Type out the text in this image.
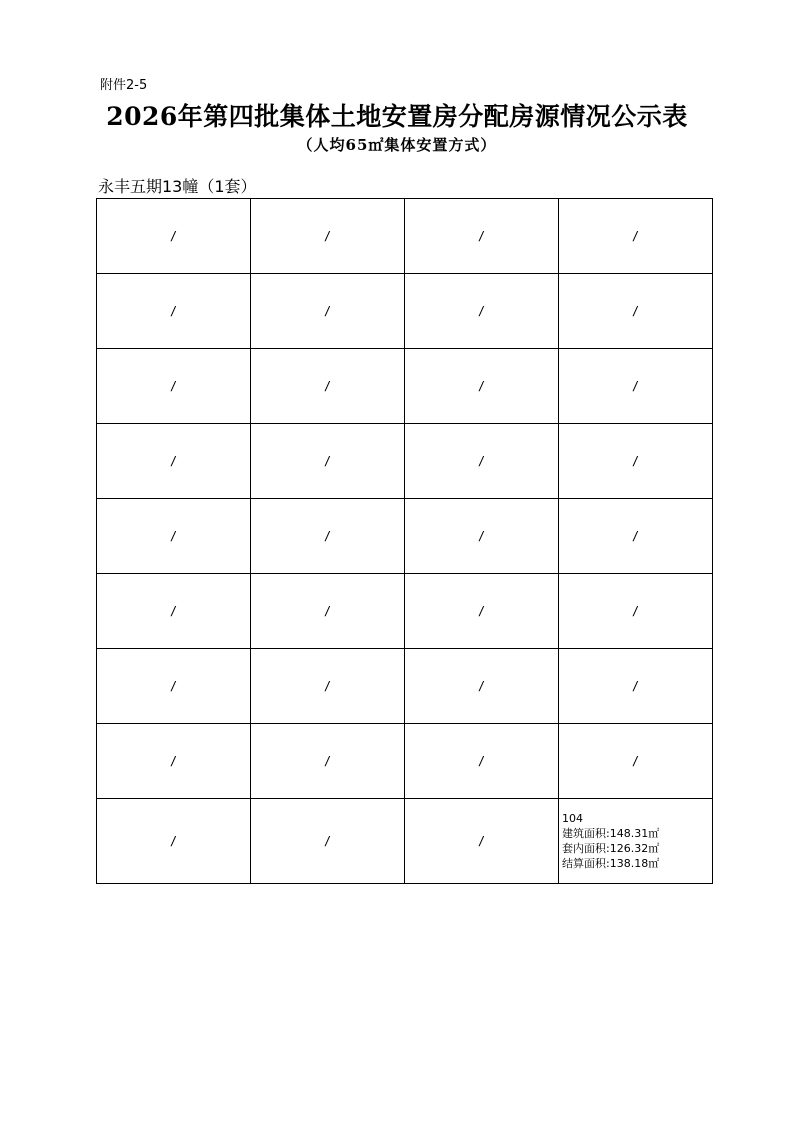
附件2-5
2026年第四批集体土地安置房分配房源情况公示表
（人均65㎡集体安置方式）
永丰五期13幢（1套）
/	/	/	/
/	/	/	/
/	/	/	/
/	/	/	/
/	/	/	/
/	/	/	/
/	/	/	/
/	/	/	/
/	/	/	104
建筑面积:148.31㎡
套内面积:126.32㎡
结算面积:138.18㎡
